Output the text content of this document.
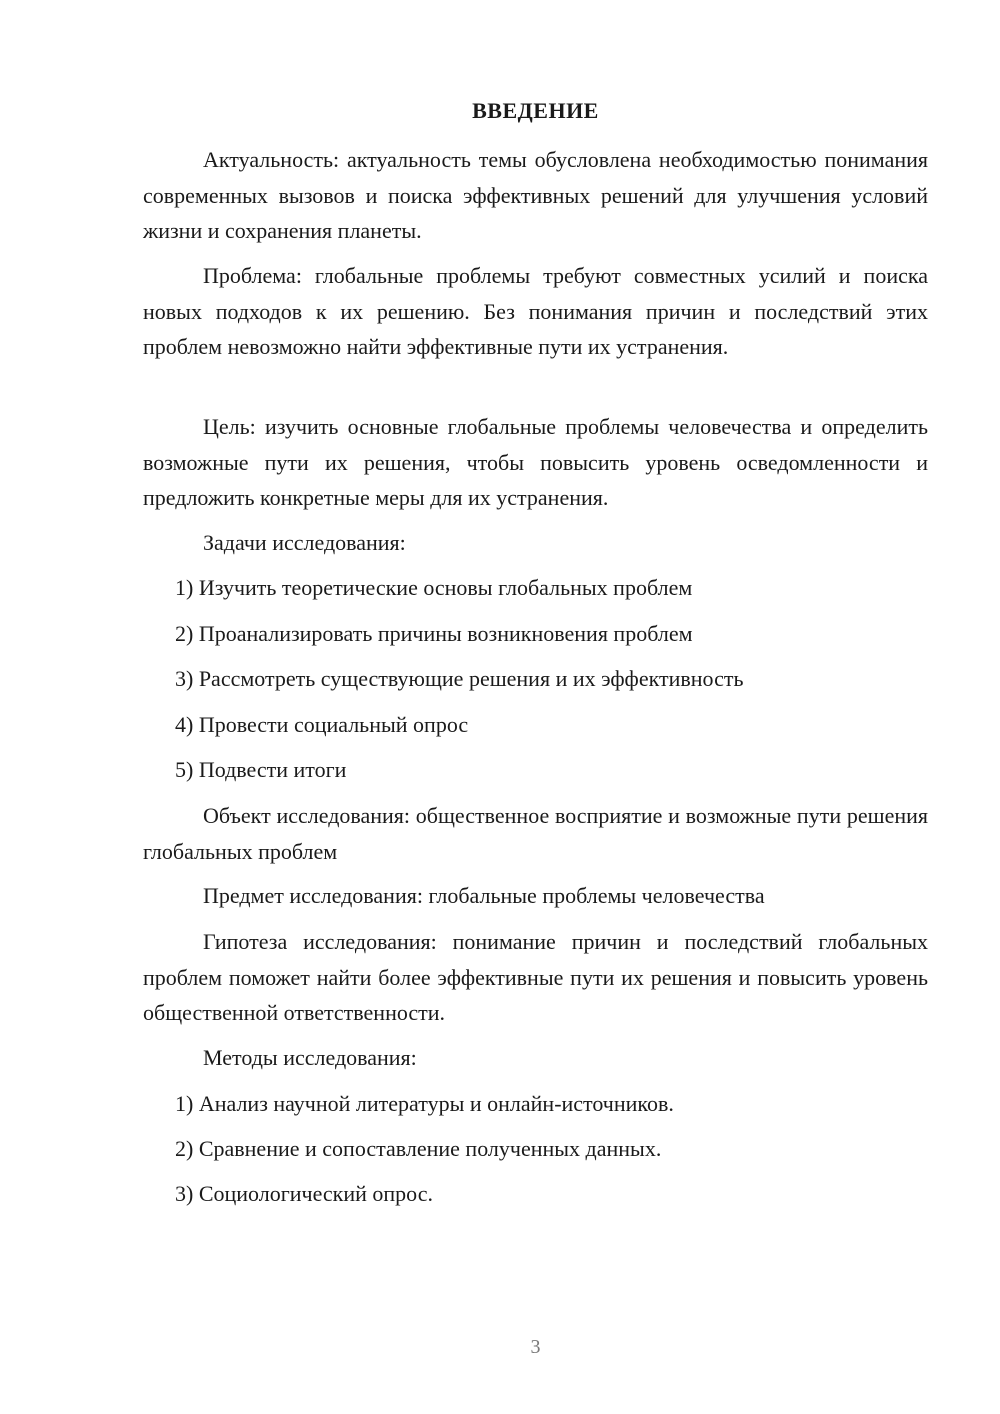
ВВЕДЕНИЕ

Актуальность: актуальность темы обусловлена необходимостью понимания современных вызовов и поиска эффективных решений для улучшения условий жизни и сохранения планеты.

Проблема: глобальные проблемы требуют совместных усилий и поиска новых подходов к их решению. Без понимания причин и последствий этих проблем невозможно найти эффективные пути их устранения.

Цель: изучить основные глобальные проблемы человечества и определить возможные пути их решения, чтобы повысить уровень осведомленности и предложить конкретные меры для их устранения.

Задачи исследования:

1) Изучить теоретические основы глобальных проблем

2) Проанализировать причины возникновения проблем

3) Рассмотреть существующие решения и их эффективность

4) Провести социальный опрос

5) Подвести итоги

Объект исследования: общественное восприятие и возможные пути решения глобальных проблем

Предмет исследования: глобальные проблемы человечества

Гипотеза исследования: понимание причин и последствий глобальных проблем поможет найти более эффективные пути их решения и повысить уровень общественной ответственности.

Методы исследования:

1) Анализ научной литературы и онлайн-источников.

2) Сравнение и сопоставление полученных данных.

3) Социологический опрос.

3
